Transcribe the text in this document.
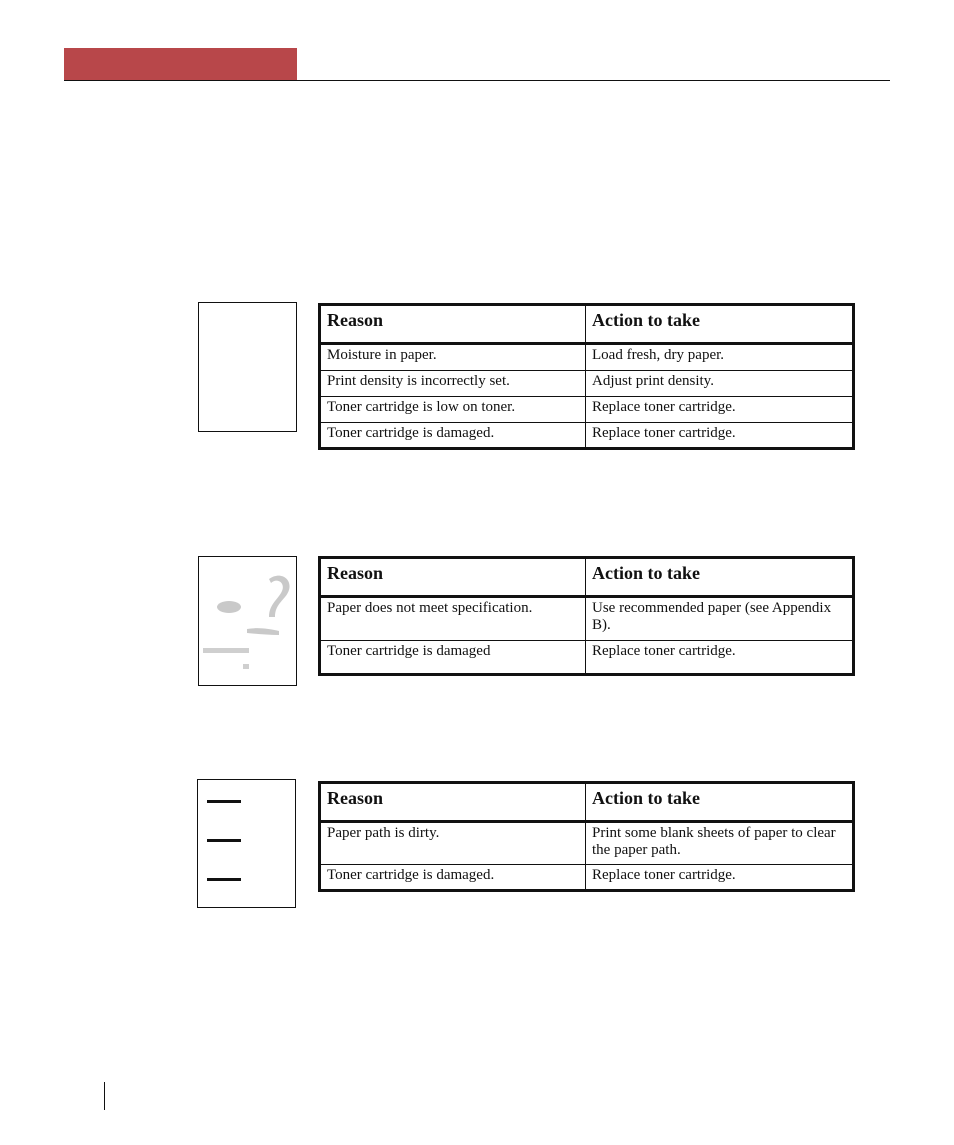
Reason	Action to take
Moisture in paper.	Load fresh, dry paper.
Print density is incorrectly set.	Adjust print density.
Toner cartridge is low on toner.	Replace toner cartridge.
Toner cartridge is damaged.	Replace toner cartridge.
Reason	Action to take
Paper does not meet specification.	Use recommended paper (see Appendix B).
Toner cartridge is damaged	Replace toner cartridge.
Reason	Action to take
Paper path is dirty.	Print some blank sheets of paper to clear the paper path.
Toner cartridge is damaged.	Replace toner cartridge.
